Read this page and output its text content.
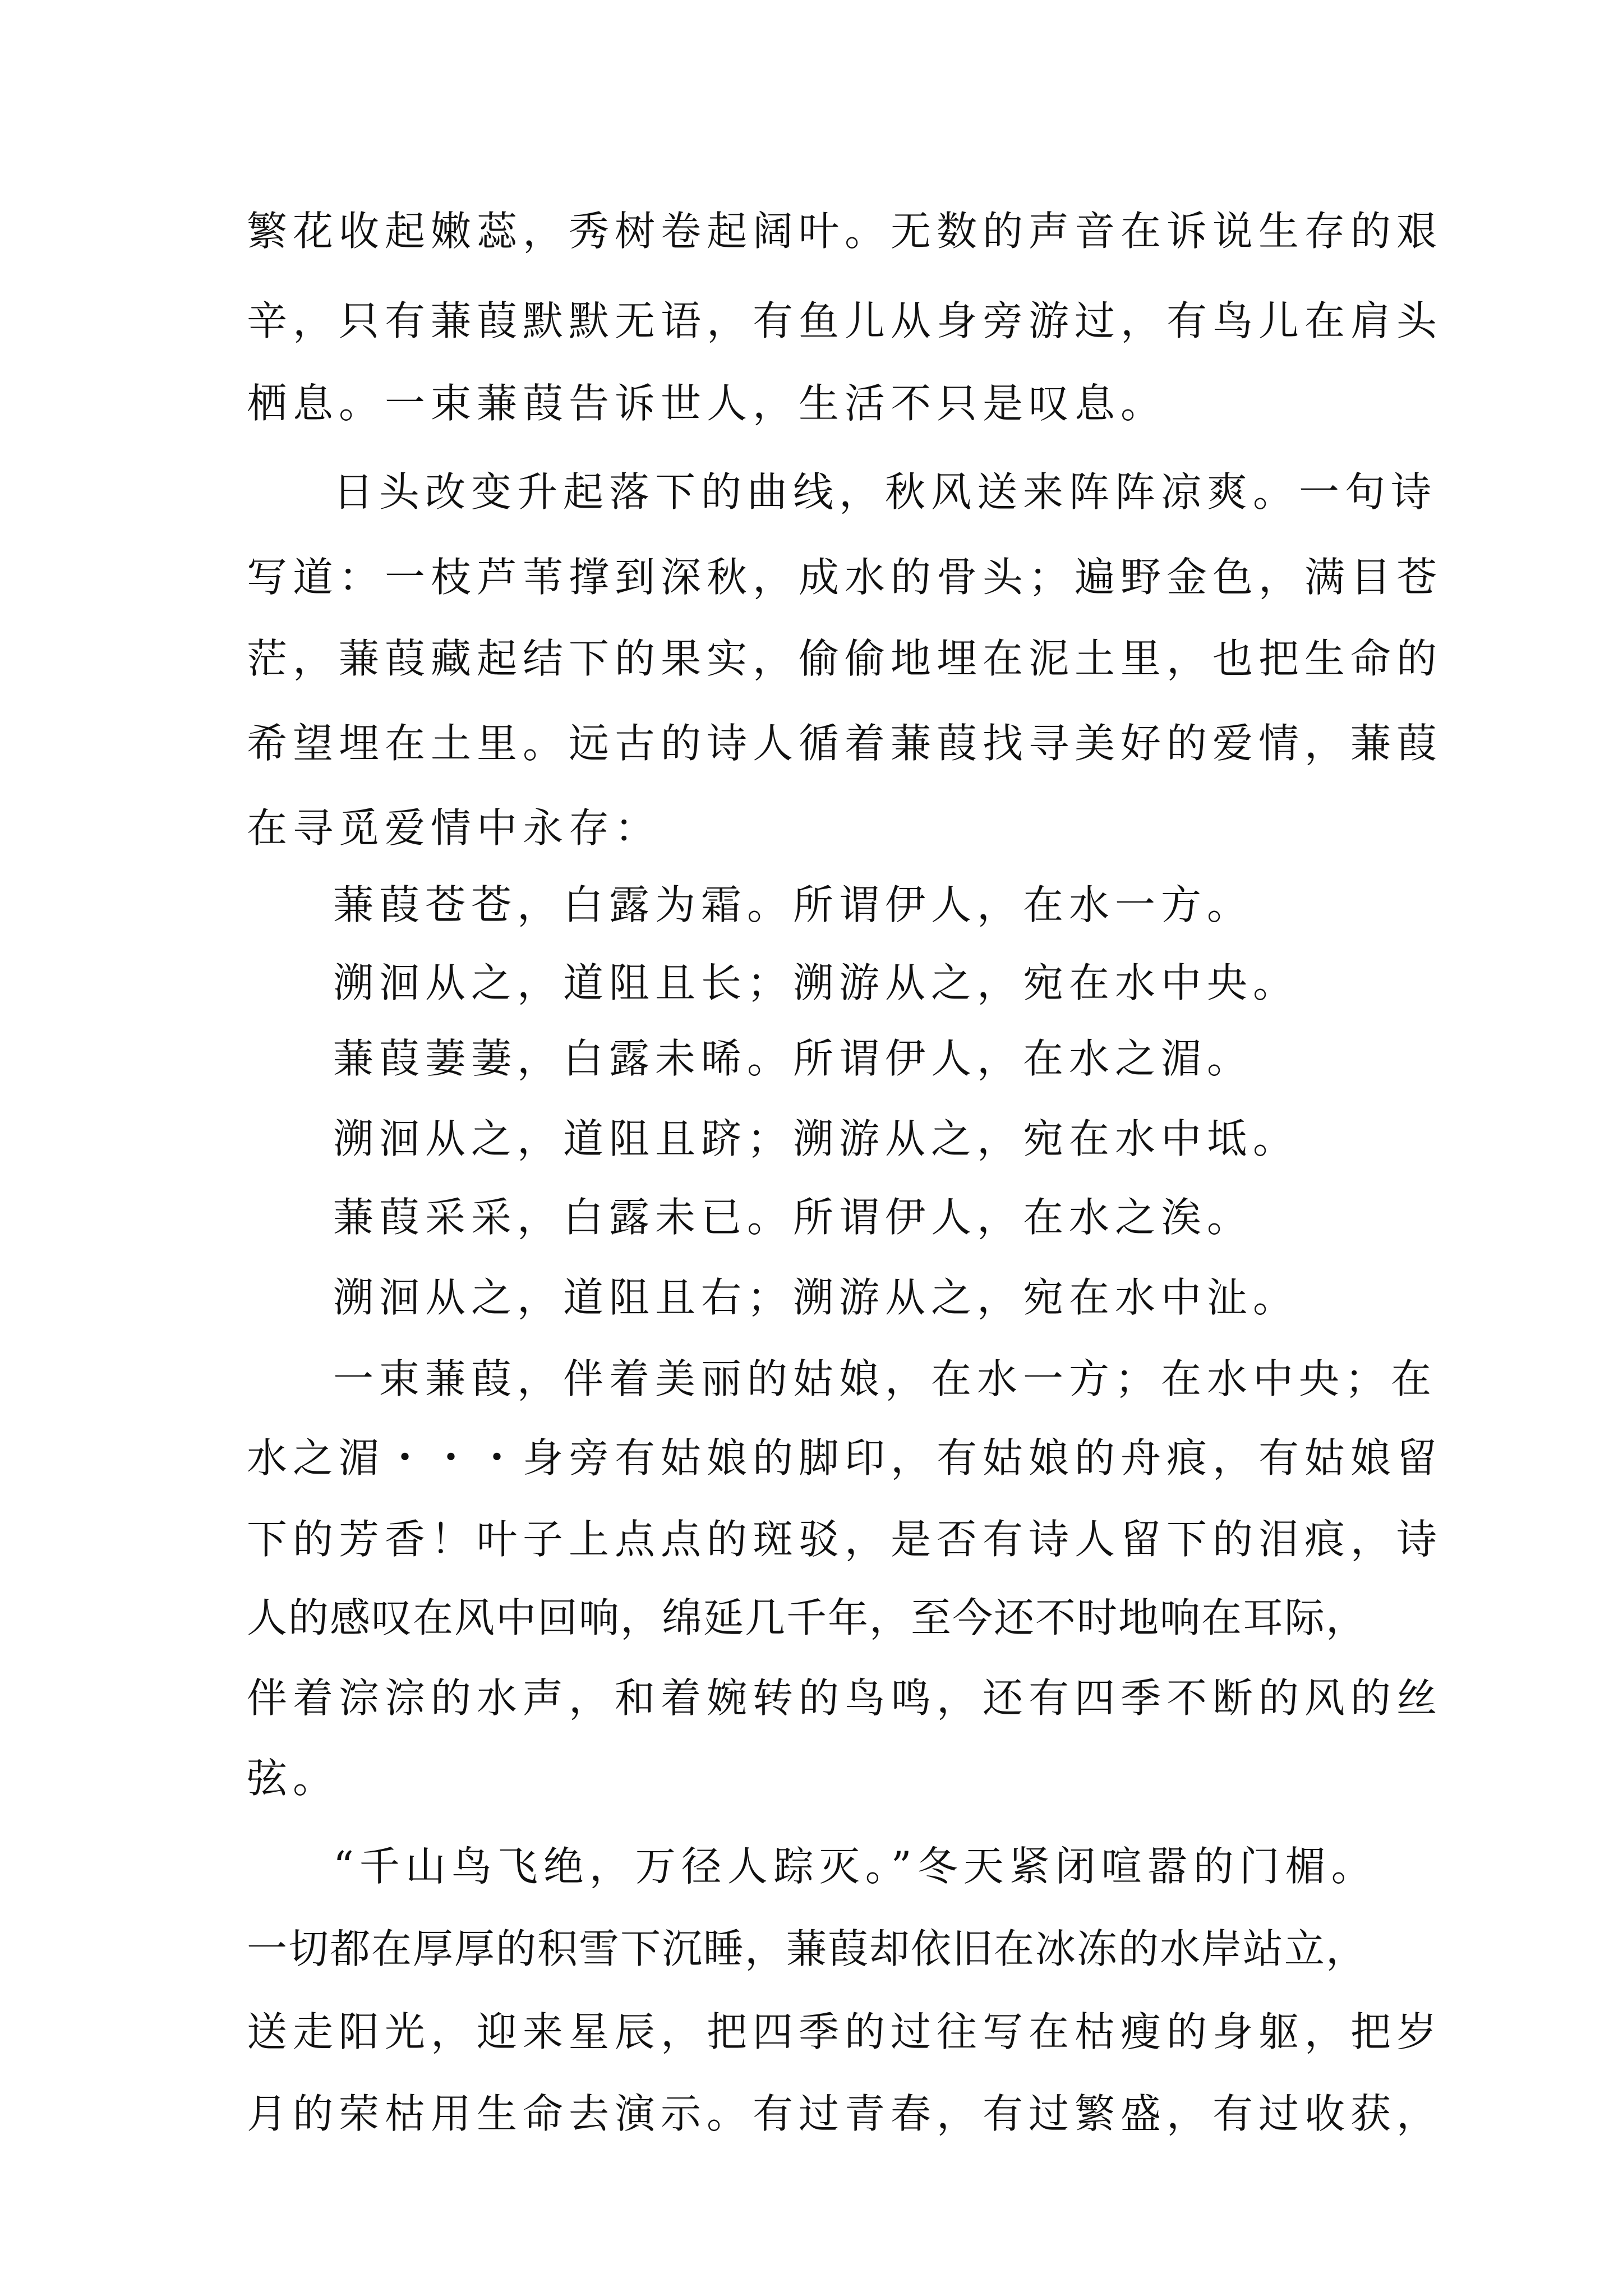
繁花收起嫩蕊，秀树卷起阔叶。无数的声音在诉说生存的艰
辛，只有蒹葭默默无语，有鱼儿从身旁游过，有鸟儿在肩头
栖息。一束蒹葭告诉世人，生活不只是叹息。
日头改变升起落下的曲线，秋风送来阵阵凉爽。一句诗
写道：一枝芦苇撑到深秋，成水的骨头；遍野金色，满目苍
茫，蒹葭藏起结下的果实，偷偷地埋在泥土里，也把生命的
希望埋在土里。远古的诗人循着蒹葭找寻美好的爱情，蒹葭
在寻觅爱情中永存：
蒹葭苍苍，白露为霜。所谓伊人，在水一方。
溯洄从之，道阻且长；溯游从之，宛在水中央。
蒹葭萋萋，白露未晞。所谓伊人，在水之湄。
溯洄从之，道阻且跻；溯游从之，宛在水中坻。
蒹葭采采，白露未已。所谓伊人，在水之涘。
溯洄从之，道阻且右；溯游从之，宛在水中沚。
一束蒹葭，伴着美丽的姑娘，在水一方；在水中央；在
水之湄・・・身旁有姑娘的脚印，有姑娘的舟痕，有姑娘留
下的芳香！叶子上点点的斑驳，是否有诗人留下的泪痕，诗
人的感叹在风中回响，绵延几千年，至今还不时地响在耳际，
伴着淙淙的水声，和着婉转的鸟鸣，还有四季不断的风的丝
弦。
“千山鸟飞绝，万径人踪灭。”冬天紧闭喧嚣的门楣。
一切都在厚厚的积雪下沉睡，蒹葭却依旧在冰冻的水岸站立，
送走阳光，迎来星辰，把四季的过往写在枯瘦的身躯，把岁
月的荣枯用生命去演示。有过青春，有过繁盛，有过收获，
